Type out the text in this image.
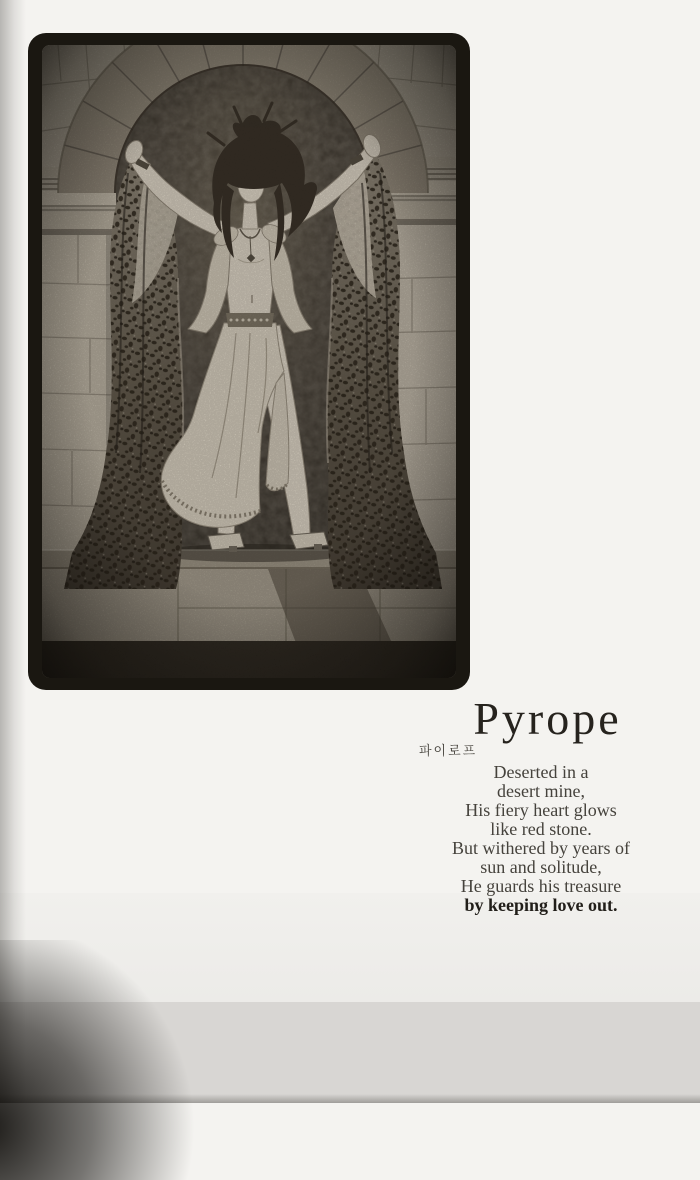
Pyrope
파이로프
Deserted in a
desert mine,
His fiery heart glows
like red stone.
But withered by years of
sun and solitude,
He guards his treasure
by keeping love out.
